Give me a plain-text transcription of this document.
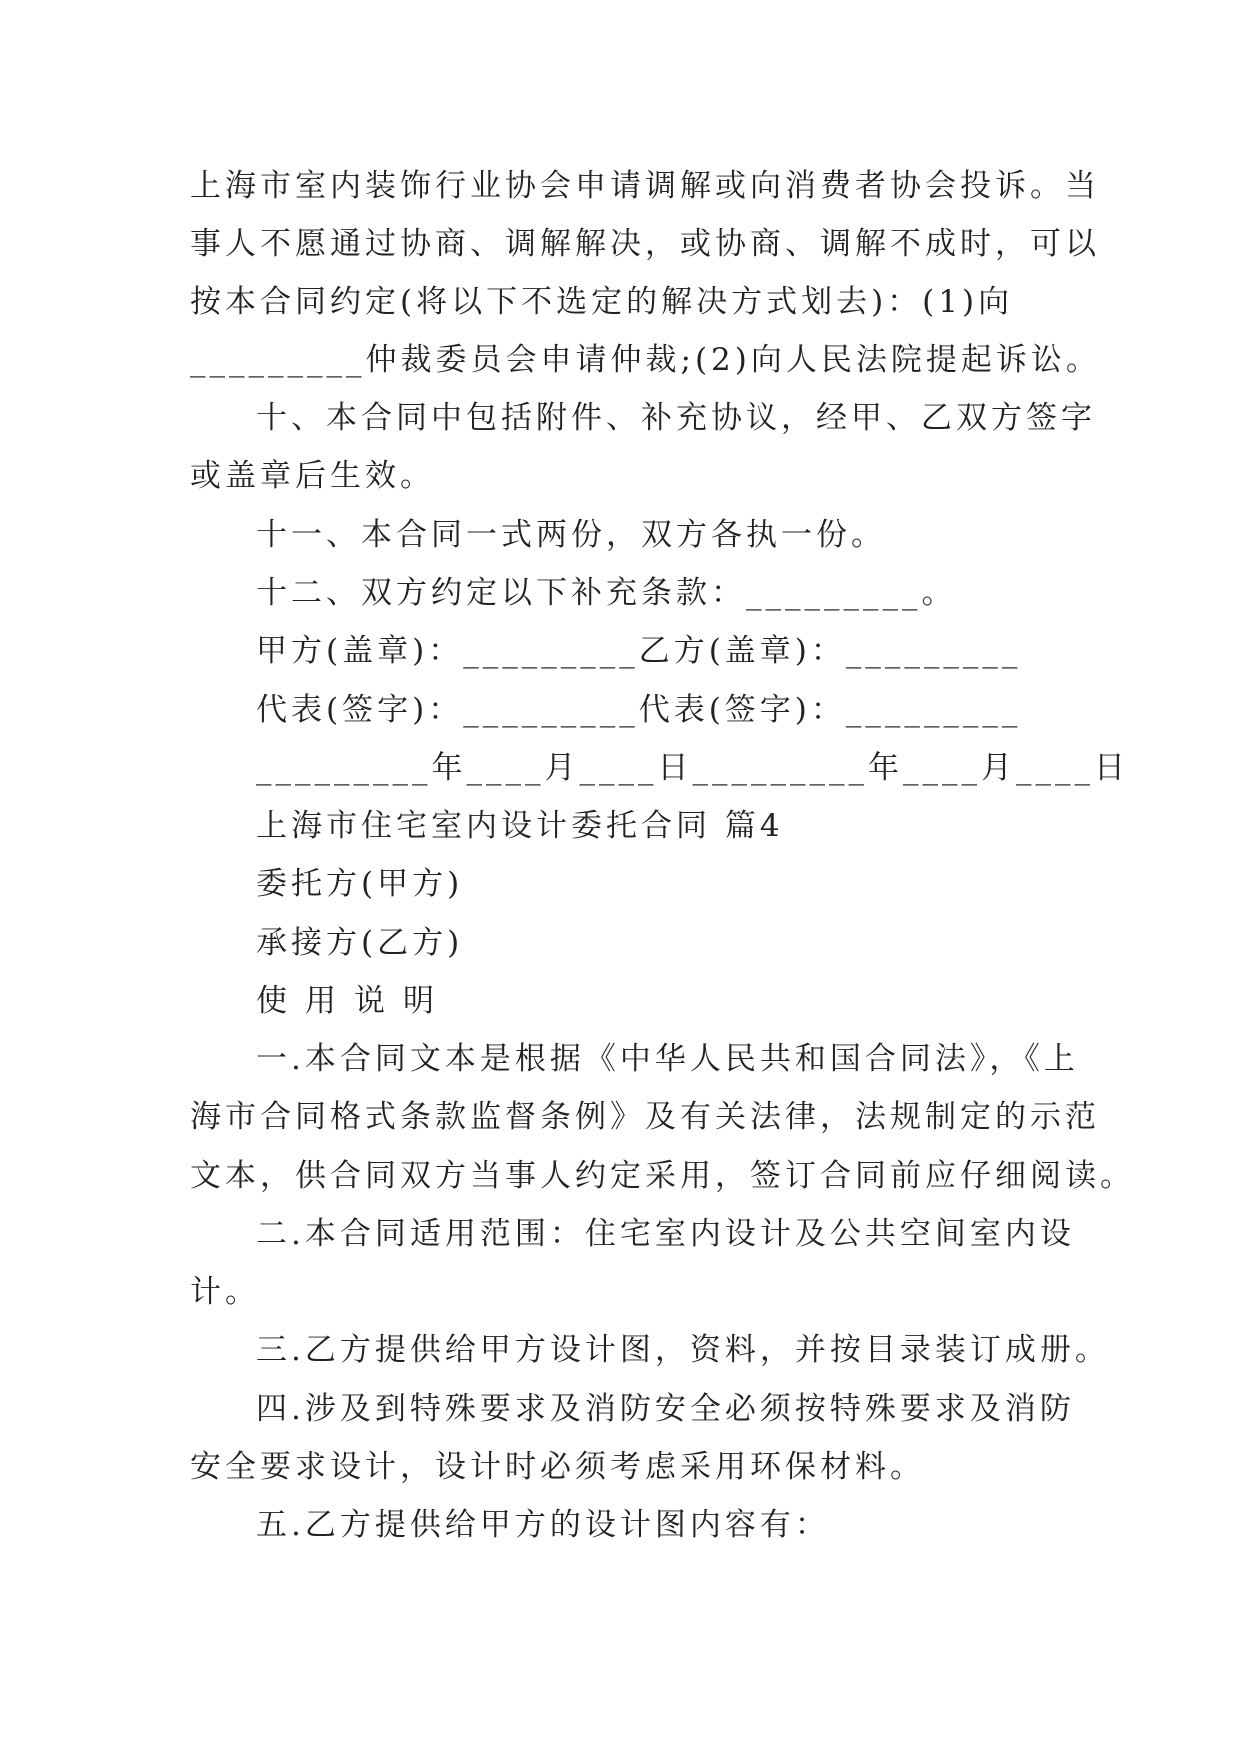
上海市室内装饰行业协会申请调解或向消费者协会投诉。当
事人不愿通过协商、调解解决，或协商、调解不成时，可以
按本合同约定(将以下不选定的解决方式划去)：(1)向
_________仲裁委员会申请仲裁;(2)向人民法院提起诉讼。
十、本合同中包括附件、补充协议，经甲、乙双方签字
或盖章后生效。
十一、本合同一式两份，双方各执一份。
十二、双方约定以下补充条款：_________。
甲方(盖章)：_________乙方(盖章)：_________
代表(签字)：_________代表(签字)：_________
_________年____月____日_________年____月____日
上海市住宅室内设计委托合同 篇4
委托方(甲方)
承接方(乙方)
使用说明
一.本合同文本是根据《中华人民共和国合同法》，《上
海市合同格式条款监督条例》及有关法律，法规制定的示范
文本，供合同双方当事人约定采用，签订合同前应仔细阅读。
二.本合同适用范围：住宅室内设计及公共空间室内设
计。
三.乙方提供给甲方设计图，资料，并按目录装订成册。
四.涉及到特殊要求及消防安全必须按特殊要求及消防
安全要求设计，设计时必须考虑采用环保材料。
五.乙方提供给甲方的设计图内容有：
